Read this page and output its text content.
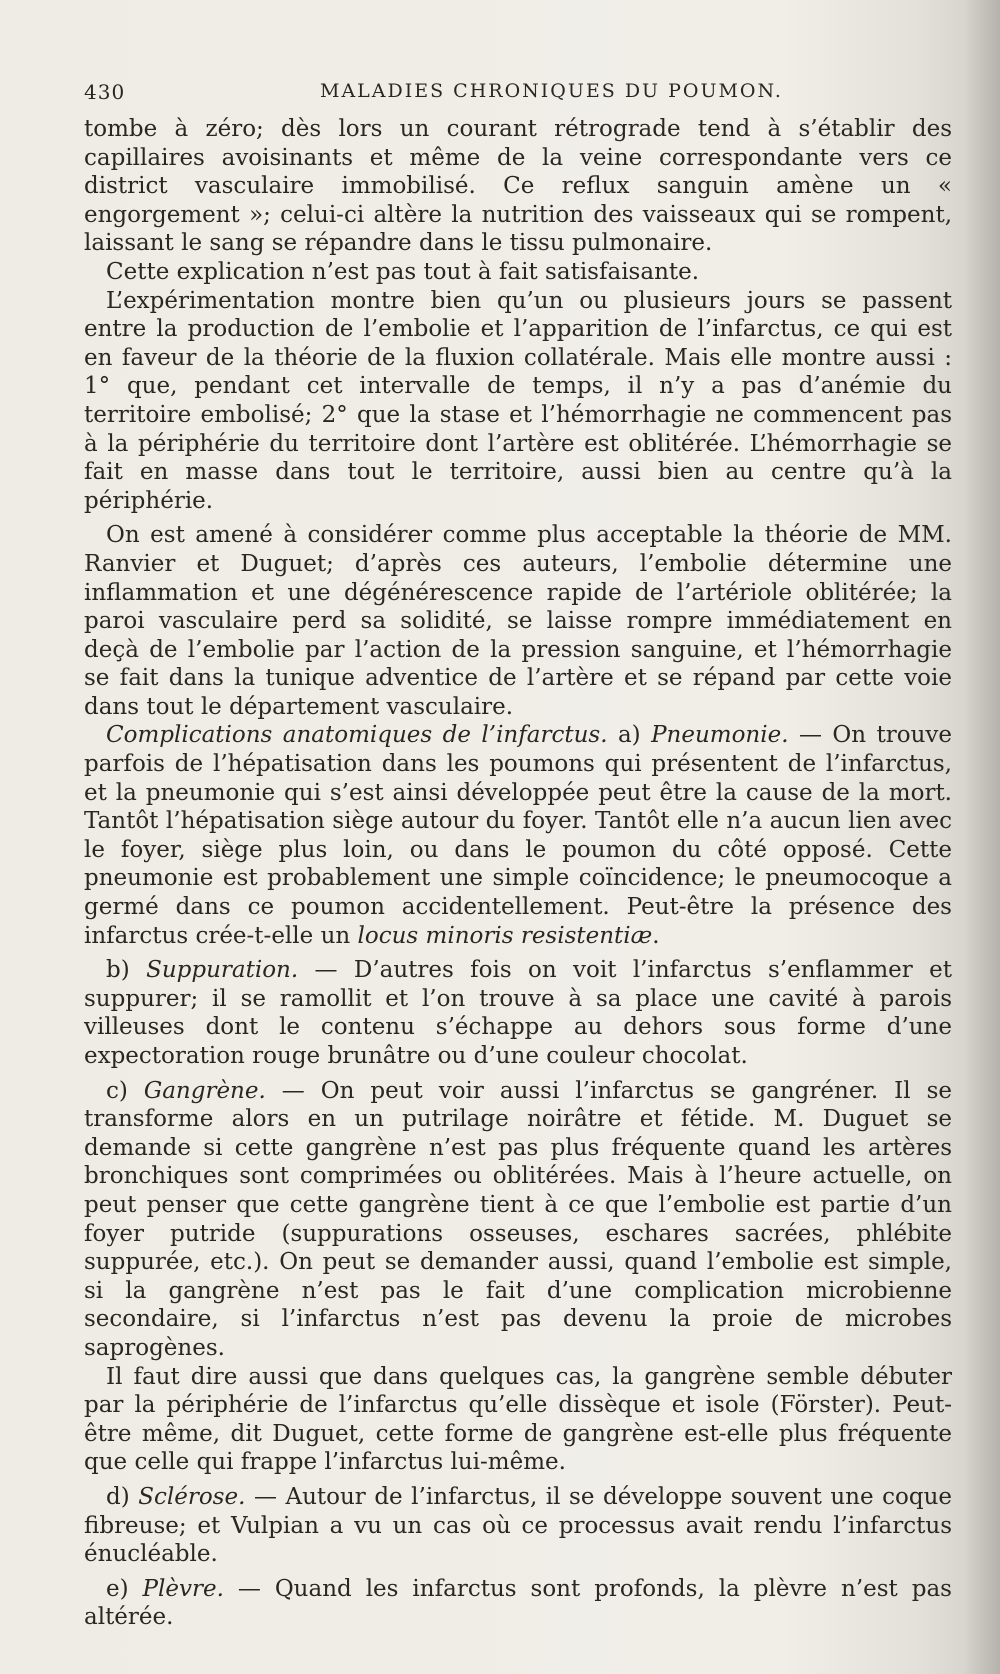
430	MALADIES CHRONIQUES DU POUMON.

tombe à zéro; dès lors un courant rétrograde tend à s’établir des capillaires avoisinants et même de la veine correspondante vers ce district vasculaire immobilisé. Ce reflux sanguin amène un « engorgement »; celui-ci altère la nutrition des vaisseaux qui se rompent, laissant le sang se répandre dans le tissu pulmonaire.

Cette explication n’est pas tout à fait satisfaisante.

L’expérimentation montre bien qu’un ou plusieurs jours se passent entre la production de l’embolie et l’apparition de l’infarctus, ce qui est en faveur de la théorie de la fluxion collatérale. Mais elle montre aussi : 1° que, pendant cet intervalle de temps, il n’y a pas d’anémie du territoire embolisé; 2° que la stase et l’hémorrhagie ne commencent pas à la périphérie du territoire dont l’artère est oblitérée. L’hémorrhagie se fait en masse dans tout le territoire, aussi bien au centre qu’à la périphérie.

On est amené à considérer comme plus acceptable la théorie de MM. Ranvier et Duguet; d’après ces auteurs, l’embolie détermine une inflammation et une dégénérescence rapide de l’artériole oblitérée; la paroi vasculaire perd sa solidité, se laisse rompre immédiatement en deçà de l’embolie par l’action de la pression sanguine, et l’hémorrhagie se fait dans la tunique adventice de l’artère et se répand par cette voie dans tout le département vasculaire.

Complications anatomiques de l’infarctus. a) Pneumonie. — On trouve parfois de l’hépatisation dans les poumons qui présentent de l’infarctus, et la pneumonie qui s’est ainsi développée peut être la cause de la mort. Tantôt l’hépatisation siège autour du foyer. Tantôt elle n’a aucun lien avec le foyer, siège plus loin, ou dans le poumon du côté opposé. Cette pneumonie est probablement une simple coïncidence; le pneumocoque a germé dans ce poumon accidentellement. Peut-être la présence des infarctus crée-t-elle un locus minoris resistentiæ.

b) Suppuration. — D’autres fois on voit l’infarctus s’enflammer et suppurer; il se ramollit et l’on trouve à sa place une cavité à parois villeuses dont le contenu s’échappe au dehors sous forme d’une expectoration rouge brunâtre ou d’une couleur chocolat.

c) Gangrène. — On peut voir aussi l’infarctus se gangréner. Il se transforme alors en un putrilage noirâtre et fétide. M. Duguet se demande si cette gangrène n’est pas plus fréquente quand les artères bronchiques sont comprimées ou oblitérées. Mais à l’heure actuelle, on peut penser que cette gangrène tient à ce que l’embolie est partie d’un foyer putride (suppurations osseuses, eschares sacrées, phlébite suppurée, etc.). On peut se demander aussi, quand l’embolie est simple, si la gangrène n’est pas le fait d’une complication microbienne secondaire, si l’infarctus n’est pas devenu la proie de microbes saprogènes.

Il faut dire aussi que dans quelques cas, la gangrène semble débuter par la périphérie de l’infarctus qu’elle dissèque et isole (Förster). Peut-être même, dit Duguet, cette forme de gangrène est-elle plus fréquente que celle qui frappe l’infarctus lui-même.

d) Sclérose. — Autour de l’infarctus, il se développe souvent une coque fibreuse; et Vulpian a vu un cas où ce processus avait rendu l’infarctus énucléable.

e) Plèvre. — Quand les infarctus sont profonds, la plèvre n’est pas altérée.
